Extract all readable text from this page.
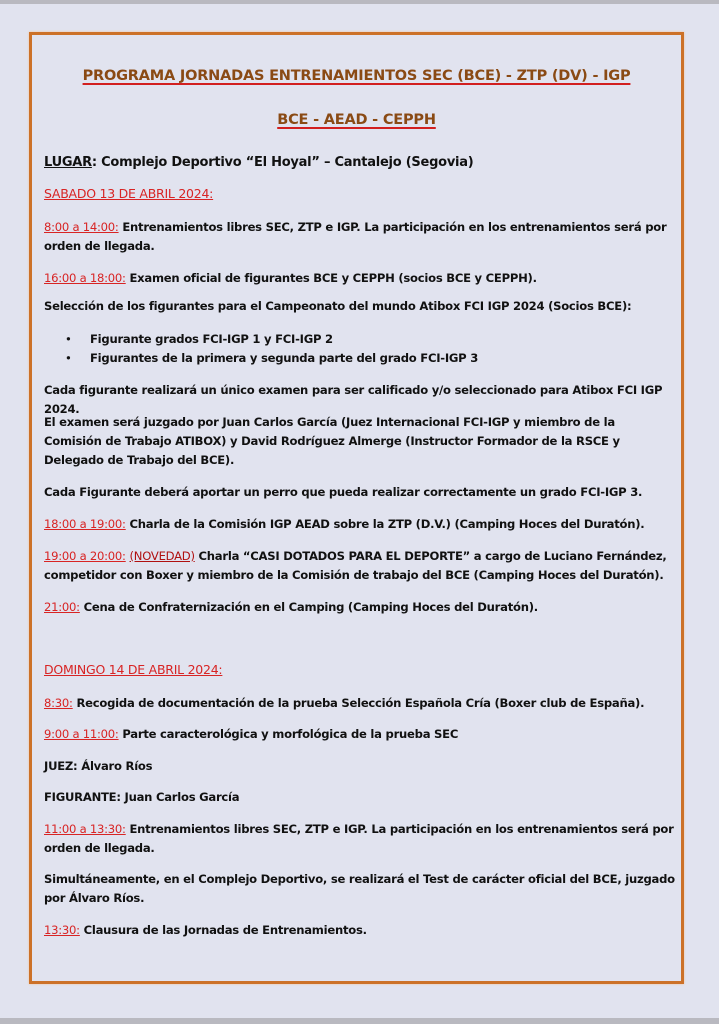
PROGRAMA JORNADAS ENTRENAMIENTOS SEC (BCE) - ZTP (DV) - IGP
BCE - AEAD - CEPPH
LUGAR: Complejo Deportivo “El Hoyal” – Cantalejo (Segovia)
SABADO 13 DE ABRIL 2024:
8:00 a 14:00: Entrenamientos libres SEC, ZTP e IGP. La participación en los entrenamientos será por orden de llegada.
16:00 a 18:00: Examen oficial de figurantes BCE y CEPPH (socios BCE y CEPPH).
Selección de los figurantes para el Campeonato del mundo Atibox FCI IGP 2024 (Socios BCE):
• Figurante grados FCI-IGP 1 y FCI-IGP 2
• Figurantes de la primera y segunda parte del grado FCI-IGP 3
Cada figurante realizará un único examen para ser calificado y/o seleccionado para Atibox FCI IGP 2024.
El examen será juzgado por Juan Carlos García (Juez Internacional FCI-IGP y miembro de la Comisión de Trabajo ATIBOX) y David Rodríguez Almerge (Instructor Formador de la RSCE y Delegado de Trabajo del BCE).
Cada Figurante deberá aportar un perro que pueda realizar correctamente un grado FCI-IGP 3.
18:00 a 19:00: Charla de la Comisión IGP AEAD sobre la ZTP (D.V.) (Camping Hoces del Duratón).
19:00 a 20:00: (NOVEDAD) Charla “CASI DOTADOS PARA EL DEPORTE” a cargo de Luciano Fernández, competidor con Boxer y miembro de la Comisión de trabajo del BCE (Camping Hoces del Duratón).
21:00: Cena de Confraternización en el Camping (Camping Hoces del Duratón).
DOMINGO 14 DE ABRIL 2024:
8:30: Recogida de documentación de la prueba Selección Española Cría (Boxer club de España).
9:00 a 11:00: Parte caracterológica y morfológica de la prueba SEC
JUEZ: Álvaro Ríos
FIGURANTE: Juan Carlos García
11:00 a 13:30: Entrenamientos libres SEC, ZTP e IGP. La participación en los entrenamientos será por orden de llegada.
Simultáneamente, en el Complejo Deportivo, se realizará el Test de carácter oficial del BCE, juzgado por Álvaro Ríos.
13:30: Clausura de las Jornadas de Entrenamientos.
